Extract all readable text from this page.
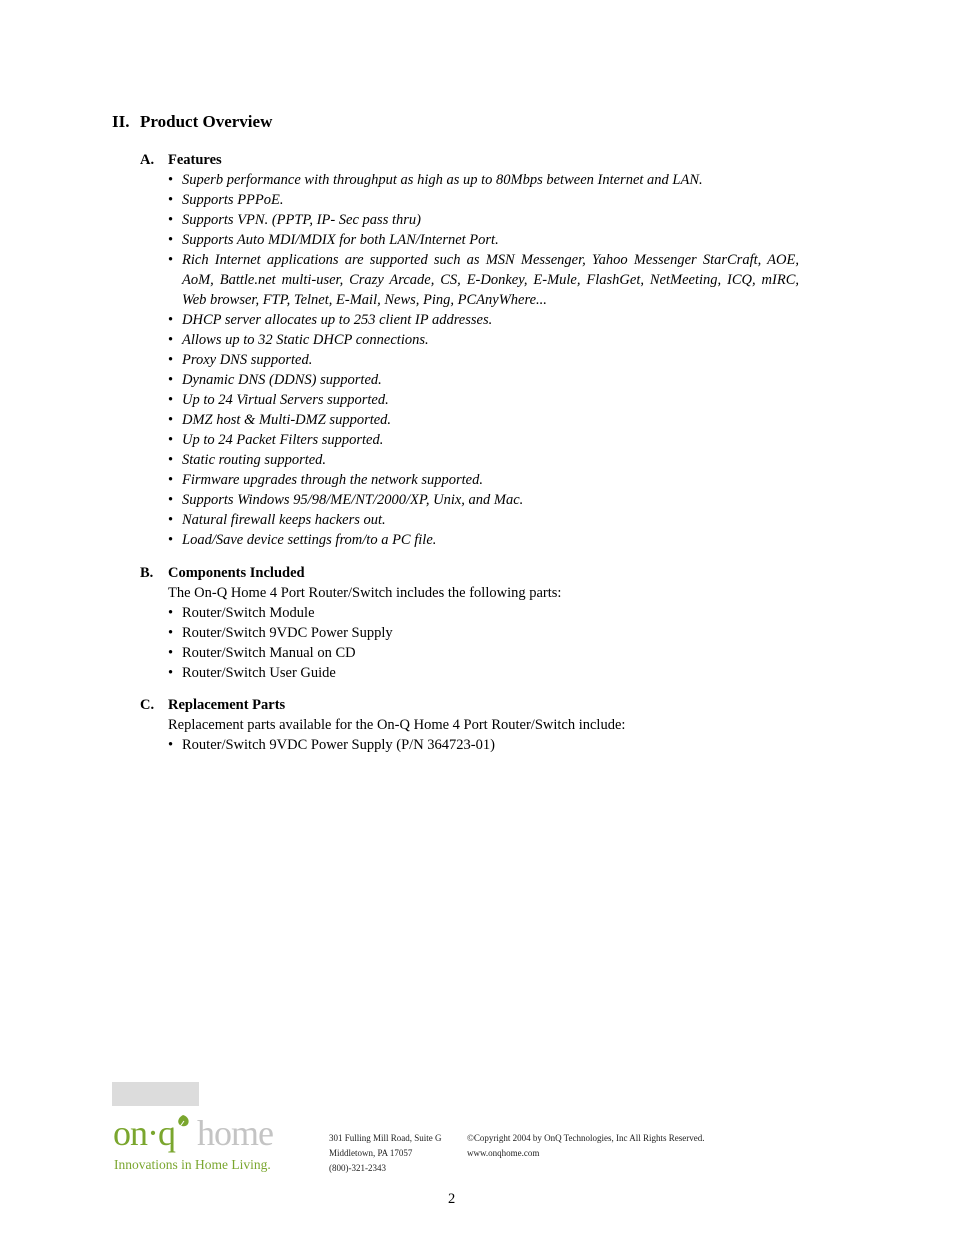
II. Product Overview
A. Features
• Superb performance with throughput as high as up to 80Mbps between Internet and LAN.
• Supports PPPoE.
• Supports VPN. (PPTP, IP- Sec pass thru)
• Supports Auto MDI/MDIX for both LAN/Internet Port.
• Rich Internet applications are supported such as MSN Messenger, Yahoo Messenger StarCraft, AOE, AoM, Battle.net multi-user, Crazy Arcade, CS, E-Donkey, E-Mule, FlashGet, NetMeeting, ICQ, mIRC, Web browser, FTP, Telnet, E-Mail, News, Ping, PCAnyWhere...
• DHCP server allocates up to 253 client IP addresses.
• Allows up to 32 Static DHCP connections.
• Proxy DNS supported.
• Dynamic DNS (DDNS) supported.
• Up to 24 Virtual Servers supported.
• DMZ host & Multi-DMZ supported.
• Up to 24 Packet Filters supported.
• Static routing supported.
• Firmware upgrades through the network supported.
• Supports Windows 95/98/ME/NT/2000/XP, Unix, and Mac.
• Natural firewall keeps hackers out.
• Load/Save device settings from/to a PC file.
B. Components Included
The On-Q Home 4 Port Router/Switch includes the following parts:
• Router/Switch Module
• Router/Switch 9VDC Power Supply
• Router/Switch Manual on CD
• Router/Switch User Guide
C. Replacement Parts
Replacement parts available for the On-Q Home 4 Port Router/Switch include:
• Router/Switch 9VDC Power Supply (P/N 364723-01)
on·q home
Innovations in Home Living.
301 Fulling Mill Road, Suite G
Middletown, PA 17057
(800)-321-2343
©Copyright 2004 by OnQ Technologies, Inc All Rights Reserved.
www.onqhome.com
2
